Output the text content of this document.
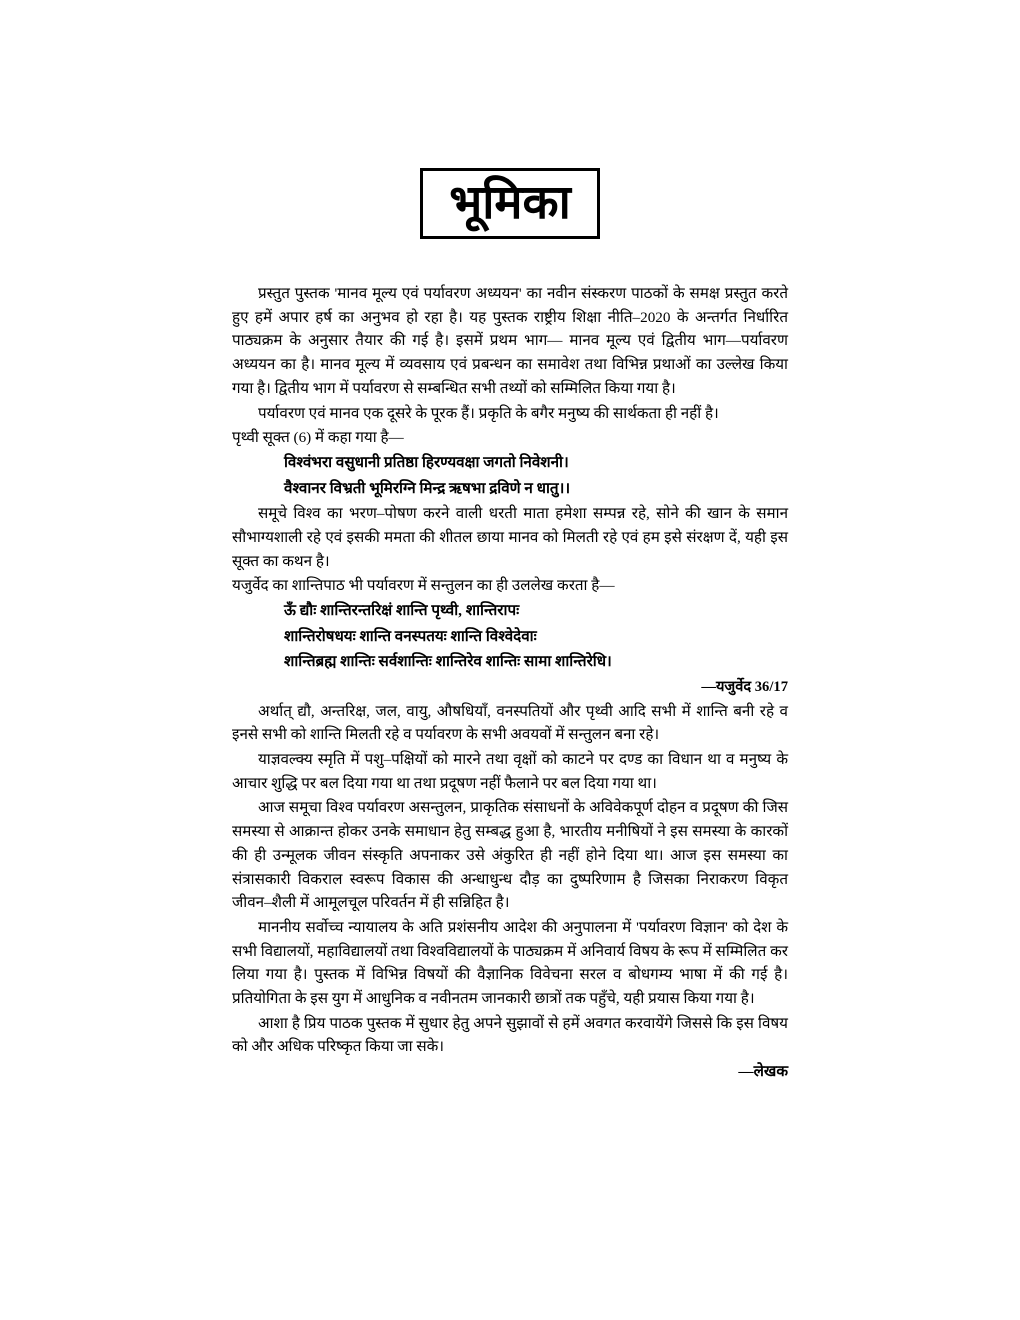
भूमिका

प्रस्तुत पुस्तक 'मानव मूल्य एवं पर्यावरण अध्ययन' का नवीन संस्करण पाठकों के समक्ष प्रस्तुत करते हुए हमें अपार हर्ष का अनुभव हो रहा है। यह पुस्तक राष्ट्रीय शिक्षा नीति–2020 के अन्तर्गत निर्धारित पाठ्यक्रम के अनुसार तैयार की गई है। इसमें प्रथम भाग— मानव मूल्य एवं द्वितीय भाग—पर्यावरण अध्ययन का है। मानव मूल्य में व्यवसाय एवं प्रबन्धन का समावेश तथा विभिन्न प्रथाओं का उल्लेख किया गया है। द्वितीय भाग में पर्यावरण से सम्बन्धित सभी तथ्यों को सम्मिलित किया गया है।

पर्यावरण एवं मानव एक दूसरे के पूरक हैं। प्रकृति के बगैर मनुष्य की सार्थकता ही नहीं है।

पृथ्वी सूक्त (6) में कहा गया है—

विश्वंभरा वसुधानी प्रतिष्ठा हिरण्यवक्षा जगतो निवेशनी।

वैश्वानर विभ्रती भूमिरग्नि मिन्द्र ऋषभा द्रविणे न धातु।।

समूचे विश्व का भरण–पोषण करने वाली धरती माता हमेशा सम्पन्न रहे, सोने की खान के समान सौभाग्यशाली रहे एवं इसकी ममता की शीतल छाया मानव को मिलती रहे एवं हम इसे संरक्षण दें, यही इस सूक्त का कथन है।

यजुर्वेद का शान्तिपाठ भी पर्यावरण में सन्तुलन का ही उललेख करता है—

ऊँ द्यौः शान्तिरन्तरिक्षं शान्ति पृथ्वी, शान्तिरापः

शान्तिरोषधयः शान्ति वनस्पतयः शान्ति विश्वेदेवाः

शान्तिब्रह्म शान्तिः सर्वशान्तिः शान्तिरेव शान्तिः सामा शान्तिरेधि।

—यजुर्वेद 36/17

अर्थात् द्यौ, अन्तरिक्ष, जल, वायु, औषधियाँ, वनस्पतियों और पृथ्वी आदि सभी में शान्ति बनी रहे व इनसे सभी को शान्ति मिलती रहे व पर्यावरण के सभी अवयवों में सन्तुलन बना रहे।

याज्ञवल्क्य स्मृति में पशु–पक्षियों को मारने तथा वृक्षों को काटने पर दण्ड का विधान था व मनुष्य के आचार शुद्धि पर बल दिया गया था तथा प्रदूषण नहीं फैलाने पर बल दिया गया था।

आज समूचा विश्व पर्यावरण असन्तुलन, प्राकृतिक संसाधनों के अविवेकपूर्ण दोहन व प्रदूषण की जिस समस्या से आक्रान्त होकर उनके समाधान हेतु सम्बद्ध हुआ है, भारतीय मनीषियों ने इस समस्या के कारकों की ही उन्मूलक जीवन संस्कृति अपनाकर उसे अंकुरित ही नहीं होने दिया था। आज इस समस्या का संत्रासकारी विकराल स्वरूप विकास की अन्धाधुन्ध दौड़ का दुष्परिणाम है जिसका निराकरण विकृत जीवन–शैली में आमूलचूल परिवर्तन में ही सन्निहित है।

माननीय सर्वोच्च न्यायालय के अति प्रशंसनीय आदेश की अनुपालना में 'पर्यावरण विज्ञान' को देश के सभी विद्यालयों, महाविद्यालयों तथा विश्वविद्यालयों के पाठ्यक्रम में अनिवार्य विषय के रूप में सम्मिलित कर लिया गया है। पुस्तक में विभिन्न विषयों की वैज्ञानिक विवेचना सरल व बोधगम्य भाषा में की गई है। प्रतियोगिता के इस युग में आधुनिक व नवीनतम जानकारी छात्रों तक पहुँचे, यही प्रयास किया गया है।

आशा है प्रिय पाठक पुस्तक में सुधार हेतु अपने सुझावों से हमें अवगत करवायेंगे जिससे कि इस विषय को और अधिक परिष्कृत किया जा सके।

—लेखक
